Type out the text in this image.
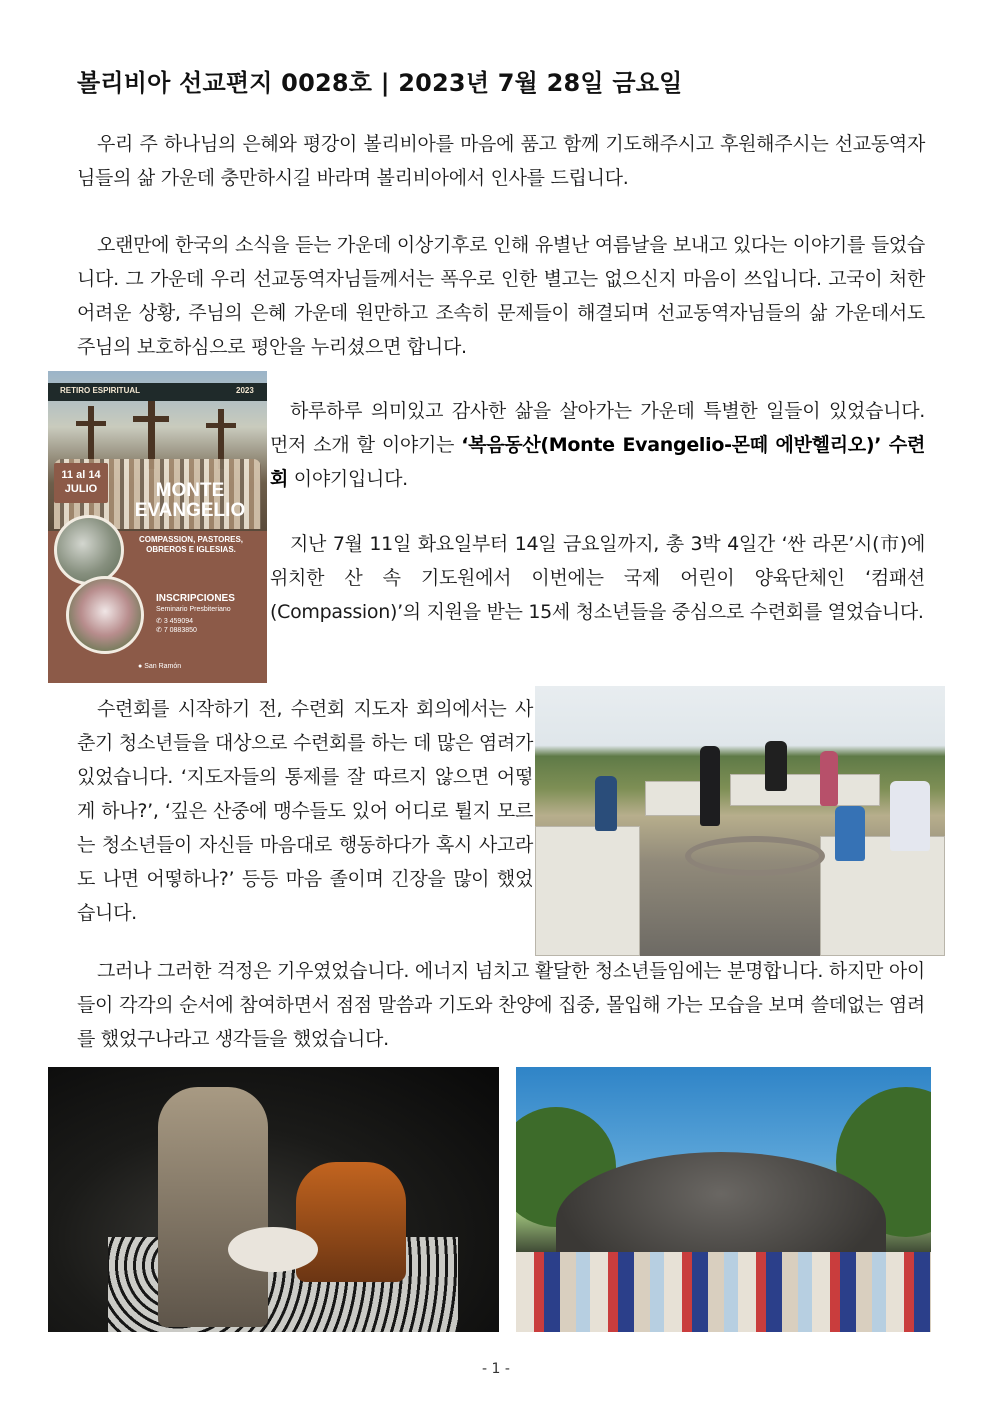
볼리비아 선교편지 0028호 | 2023년 7월 28일 금요일

우리 주 하나님의 은혜와 평강이 볼리비아를 마음에 품고 함께 기도해주시고 후원해주시는 선교동역자님들의 삶 가운데 충만하시길 바라며 볼리비아에서 인사를 드립니다.

오랜만에 한국의 소식을 듣는 가운데 이상기후로 인해 유별난 여름날을 보내고 있다는 이야기를 들었습니다. 그 가운데 우리 선교동역자님들께서는 폭우로 인한 별고는 없으신지 마음이 쓰입니다. 고국이 처한 어려운 상황, 주님의 은혜 가운데 원만하고 조속히 문제들이 해결되며 선교동역자님들의 삶 가운데서도 주님의 보호하심으로 평안을 누리셨으면 합니다.

RETIRO ESPIRITUAL	2023
11 al 14
JULIO	MONTE EVANGELIO
COMPASSION, PASTORES, OBREROS E IGLESIAS.
INSCRIPCIONES
Seminario Presbiteriano
✆ 3 459094
✆ 7 0883850
● San Ramón

하루하루 의미있고 감사한 삶을 살아가는 가운데 특별한 일들이 있었습니다. 먼저 소개 할 이야기는 ‘복음동산(Monte Evangelio-몬떼 에반헬리오)’ 수련회 이야기입니다.

지난 7월 11일 화요일부터 14일 금요일까지, 총 3박 4일간 ‘싼 라몬’시(市)에 위치한 산 속 기도원에서 이번에는 국제 어린이 양육단체인 ‘컴패션(Compassion)’의 지원을 받는 15세 청소년들을 중심으로 수련회를 열었습니다.

수련회를 시작하기 전, 수련회 지도자 회의에서는 사춘기 청소년들을 대상으로 수련회를 하는 데 많은 염려가 있었습니다. ‘지도자들의 통제를 잘 따르지 않으면 어떻게 하나?’, ‘깊은 산중에 맹수들도 있어 어디로 튈지 모르는 청소년들이 자신들 마음대로 행동하다가 혹시 사고라도 나면 어떻하나?’ 등등 마음 졸이며 긴장을 많이 했었습니다.

그러나 그러한 걱정은 기우였었습니다. 에너지 넘치고 활달한 청소년들임에는 분명합니다. 하지만 아이들이 각각의 순서에 참여하면서 점점 말씀과 기도와 찬양에 집중, 몰입해 가는 모습을 보며 쓸데없는 염려를 했었구나라고 생각들을 했었습니다.

- 1 -
